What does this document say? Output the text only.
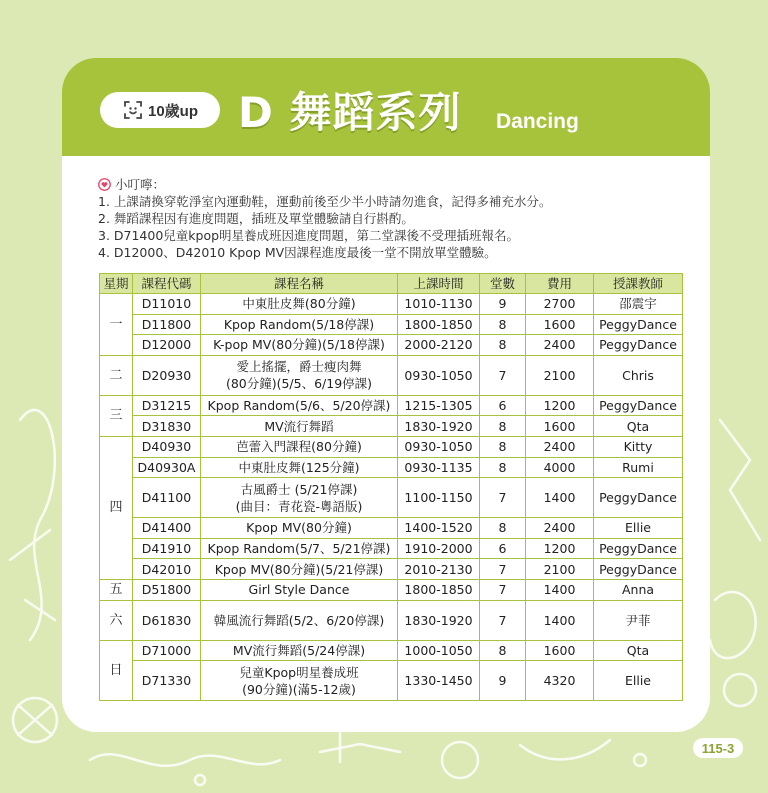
10歲up D 舞蹈系列 Dancing
小叮嚀：
1. 上課請換穿乾淨室內運動鞋，運動前後至少半小時請勿進食，記得多補充水分。
2. 舞蹈課程因有進度問題，插班及單堂體驗請自行斟酌。
3. D71400兒童kpop明星養成班因進度問題，第二堂課後不受理插班報名。
4. D12000、D42010 Kpop MV因課程進度最後一堂不開放單堂體驗。
星期	課程代碼	課程名稱	上課時間	堂數	費用	授課教師
一	D11010	中東肚皮舞(80分鐘)	1010-1130	9	2700	邵震宇
	D11800	Kpop Random(5/18停課)	1800-1850	8	1600	PeggyDance
	D12000	K-pop MV(80分鐘)(5/18停課)	2000-2120	8	2400	PeggyDance
二	D20930	愛上搖擺，爵士瘦肉舞
(80分鐘)(5/5、6/19停課)	0930-1050	7	2100	Chris
三	D31215	Kpop Random(5/6、5/20停課)	1215-1305	6	1200	PeggyDance
	D31830	MV流行舞蹈	1830-1920	8	1600	Qta
四	D40930	芭蕾入門課程(80分鐘)	0930-1050	8	2400	Kitty
	D40930A	中東肚皮舞(125分鐘)	0930-1135	8	4000	Rumi
	D41100	古風爵士 (5/21停課)
(曲目：青花瓷-粵語版)	1100-1150	7	1400	PeggyDance
	D41400	Kpop MV(80分鐘)	1400-1520	8	2400	Ellie
	D41910	Kpop Random(5/7、5/21停課)	1910-2000	6	1200	PeggyDance
	D42010	Kpop MV(80分鐘)(5/21停課)	2010-2130	7	2100	PeggyDance
五	D51800	Girl Style Dance	1800-1850	7	1400	Anna
六	D61830	韓風流行舞蹈(5/2、6/20停課)	1830-1920	7	1400	尹菲
日	D71000	MV流行舞蹈(5/24停課)	1000-1050	8	1600	Qta
	D71330	兒童Kpop明星養成班
(90分鐘)(滿5-12歲)	1330-1450	9	4320	Ellie
115-3
